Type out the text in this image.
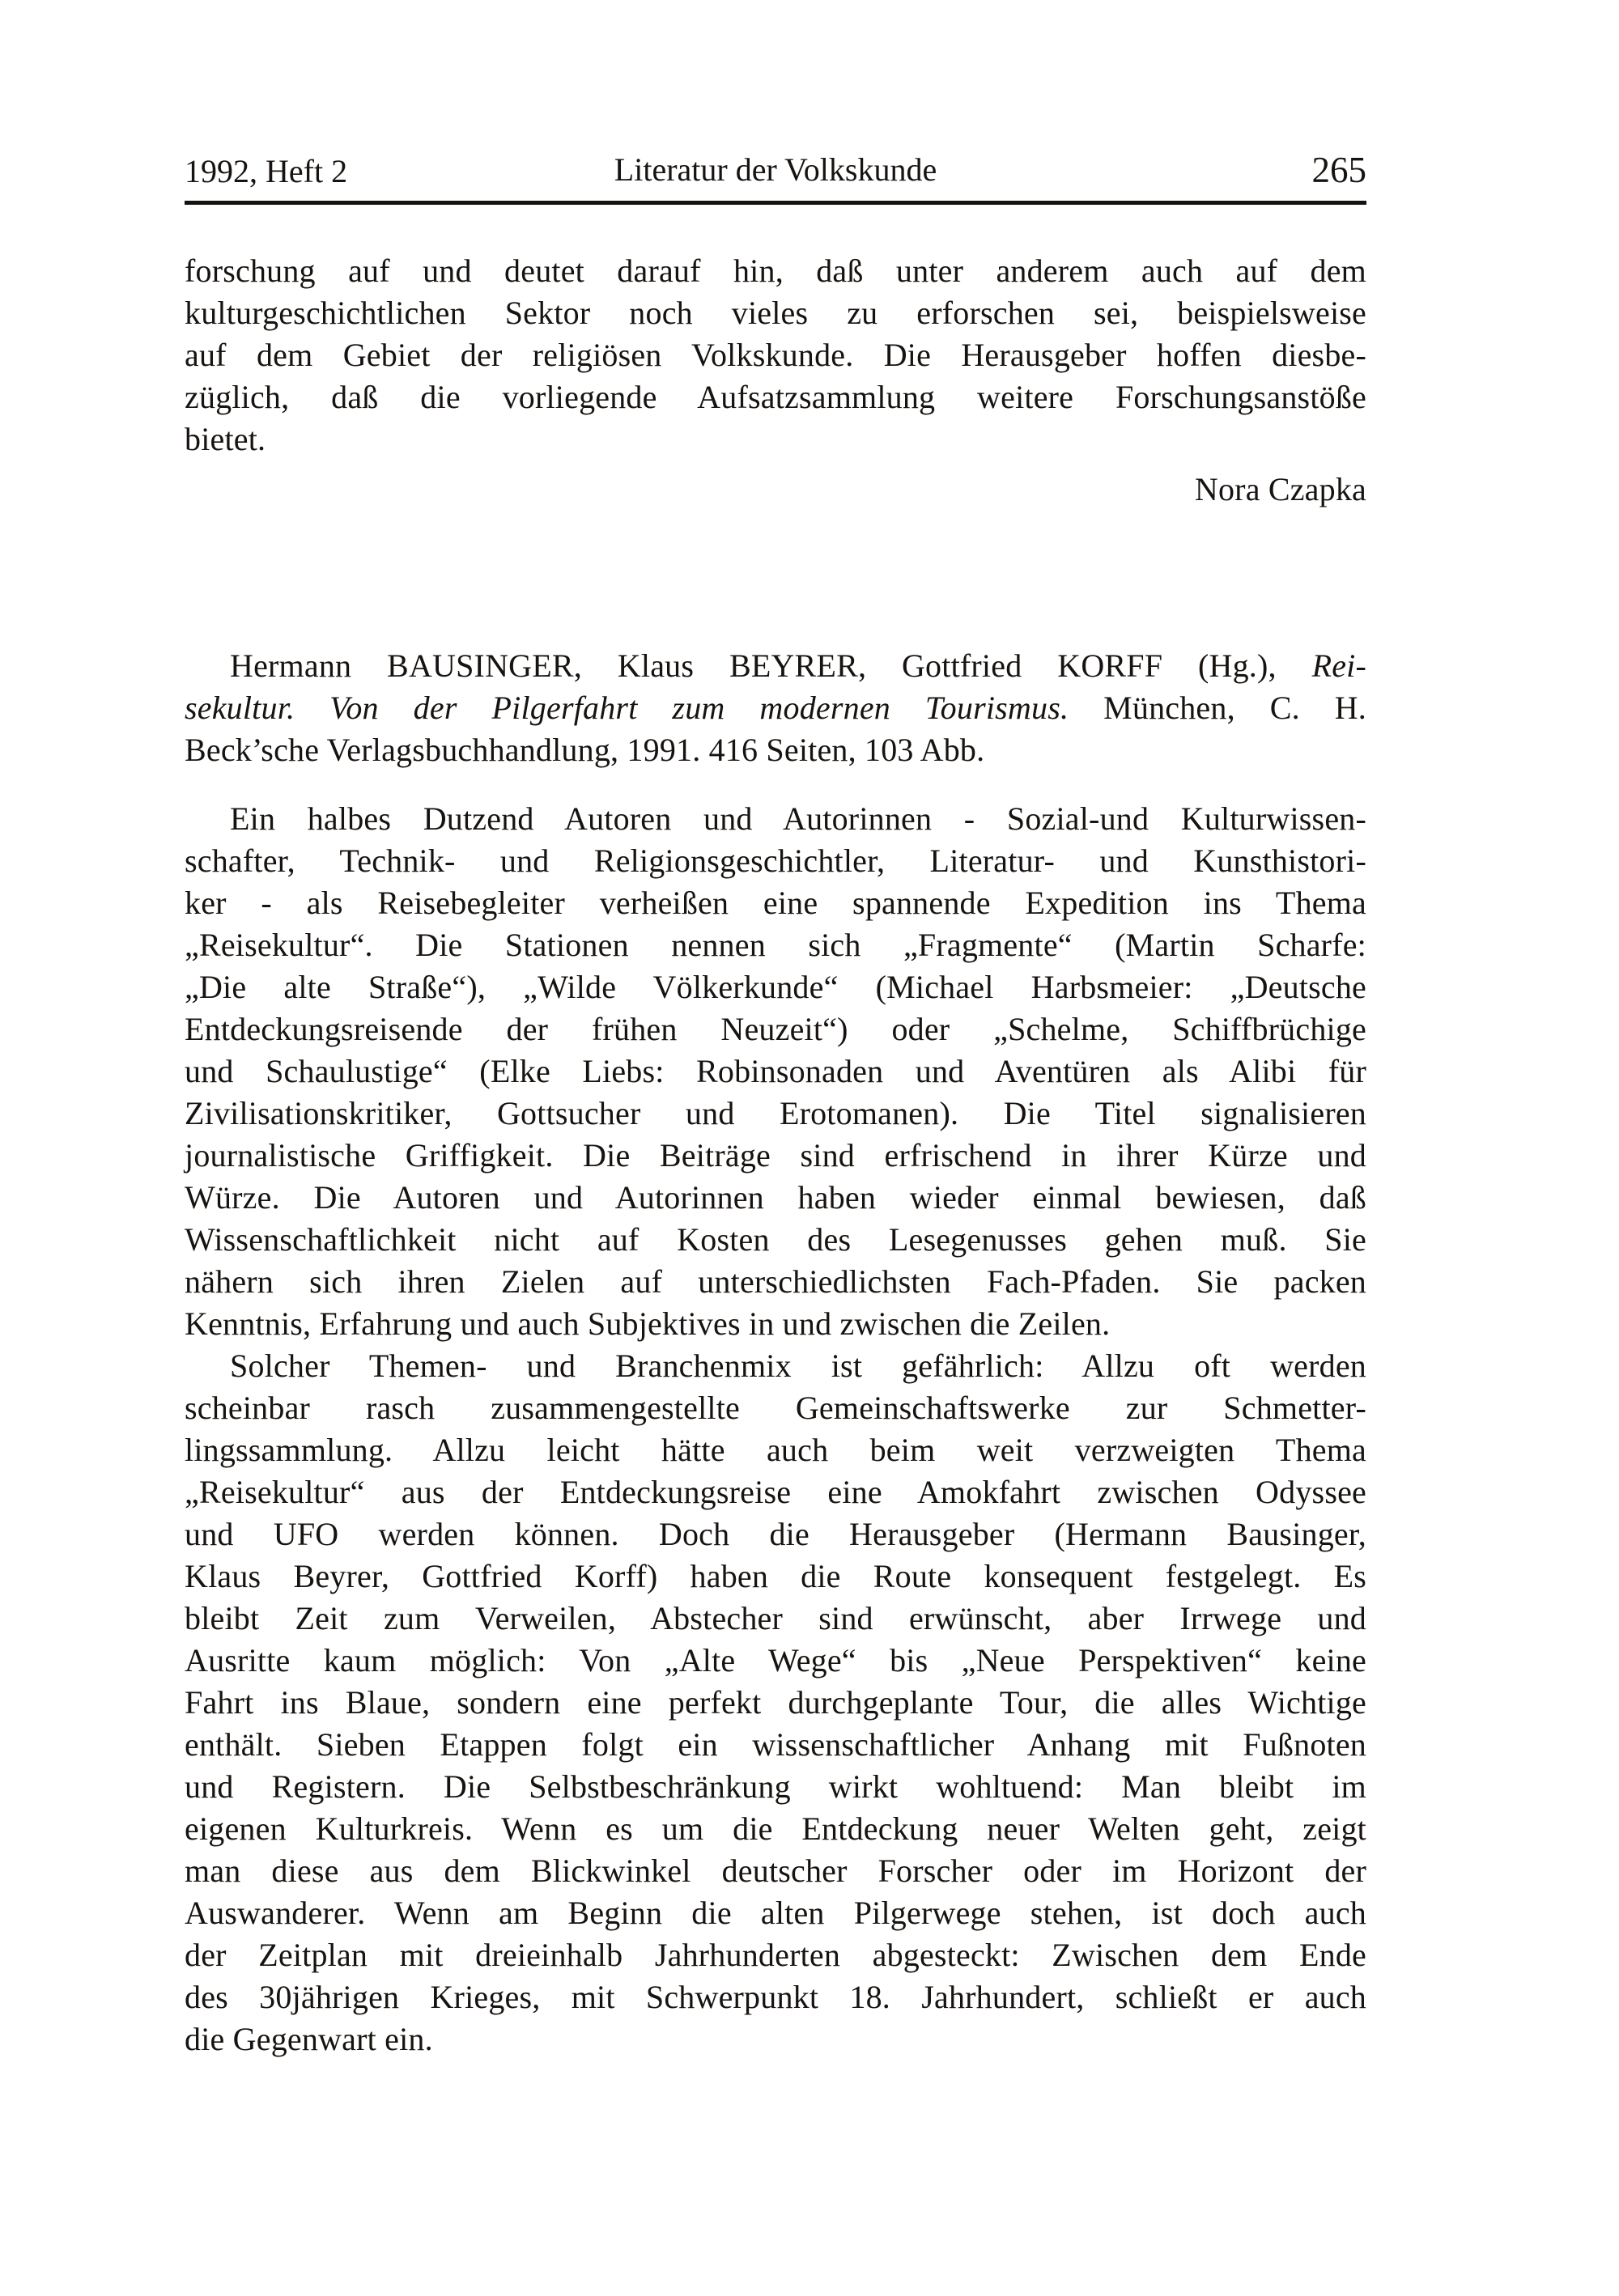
1992, Heft 2	Literatur der Volkskunde	265
forschung auf und deutet darauf hin, daß unter anderem auch auf dem
kulturgeschichtlichen Sektor noch vieles zu erforschen sei, beispielsweise
auf dem Gebiet der religiösen Volkskunde. Die Herausgeber hoffen diesbe-
züglich, daß die vorliegende Aufsatzsammlung weitere Forschungsanstöße
bietet.
Nora Czapka
Hermann BAUSINGER, Klaus BEYRER, Gottfried KORFF (Hg.), Rei-
sekultur. Von der Pilgerfahrt zum modernen Tourismus. München, C. H.
Beck’sche Verlagsbuchhandlung, 1991. 416 Seiten, 103 Abb.
Ein halbes Dutzend Autoren und Autorinnen - Sozial-und Kulturwissen-
schafter, Technik- und Religionsgeschichtler, Literatur- und Kunsthistori-
ker - als Reisebegleiter verheißen eine spannende Expedition ins Thema
„Reisekultur“. Die Stationen nennen sich „Fragmente“ (Martin Scharfe:
„Die alte Straße“), „Wilde Völkerkunde“ (Michael Harbsmeier: „Deutsche
Entdeckungsreisende der frühen Neuzeit“) oder „Schelme, Schiffbrüchige
und Schaulustige“ (Elke Liebs: Robinsonaden und Aventüren als Alibi für
Zivilisationskritiker, Gottsucher und Erotomanen). Die Titel signalisieren
journalistische Griffigkeit. Die Beiträge sind erfrischend in ihrer Kürze und
Würze. Die Autoren und Autorinnen haben wieder einmal bewiesen, daß
Wissenschaftlichkeit nicht auf Kosten des Lesegenusses gehen muß. Sie
nähern sich ihren Zielen auf unterschiedlichsten Fach-Pfaden. Sie packen
Kenntnis, Erfahrung und auch Subjektives in und zwischen die Zeilen.
Solcher Themen- und Branchenmix ist gefährlich: Allzu oft werden
scheinbar rasch zusammengestellte Gemeinschaftswerke zur Schmetter-
lingssammlung. Allzu leicht hätte auch beim weit verzweigten Thema
„Reisekultur“ aus der Entdeckungsreise eine Amokfahrt zwischen Odyssee
und UFO werden können. Doch die Herausgeber (Hermann Bausinger,
Klaus Beyrer, Gottfried Korff) haben die Route konsequent festgelegt. Es
bleibt Zeit zum Verweilen, Abstecher sind erwünscht, aber Irrwege und
Ausritte kaum möglich: Von „Alte Wege“ bis „Neue Perspektiven“ keine
Fahrt ins Blaue, sondern eine perfekt durchgeplante Tour, die alles Wichtige
enthält. Sieben Etappen folgt ein wissenschaftlicher Anhang mit Fußnoten
und Registern. Die Selbstbeschränkung wirkt wohltuend: Man bleibt im
eigenen Kulturkreis. Wenn es um die Entdeckung neuer Welten geht, zeigt
man diese aus dem Blickwinkel deutscher Forscher oder im Horizont der
Auswanderer. Wenn am Beginn die alten Pilgerwege stehen, ist doch auch
der Zeitplan mit dreieinhalb Jahrhunderten abgesteckt: Zwischen dem Ende
des 30jährigen Krieges, mit Schwerpunkt 18. Jahrhundert, schließt er auch
die Gegenwart ein.
